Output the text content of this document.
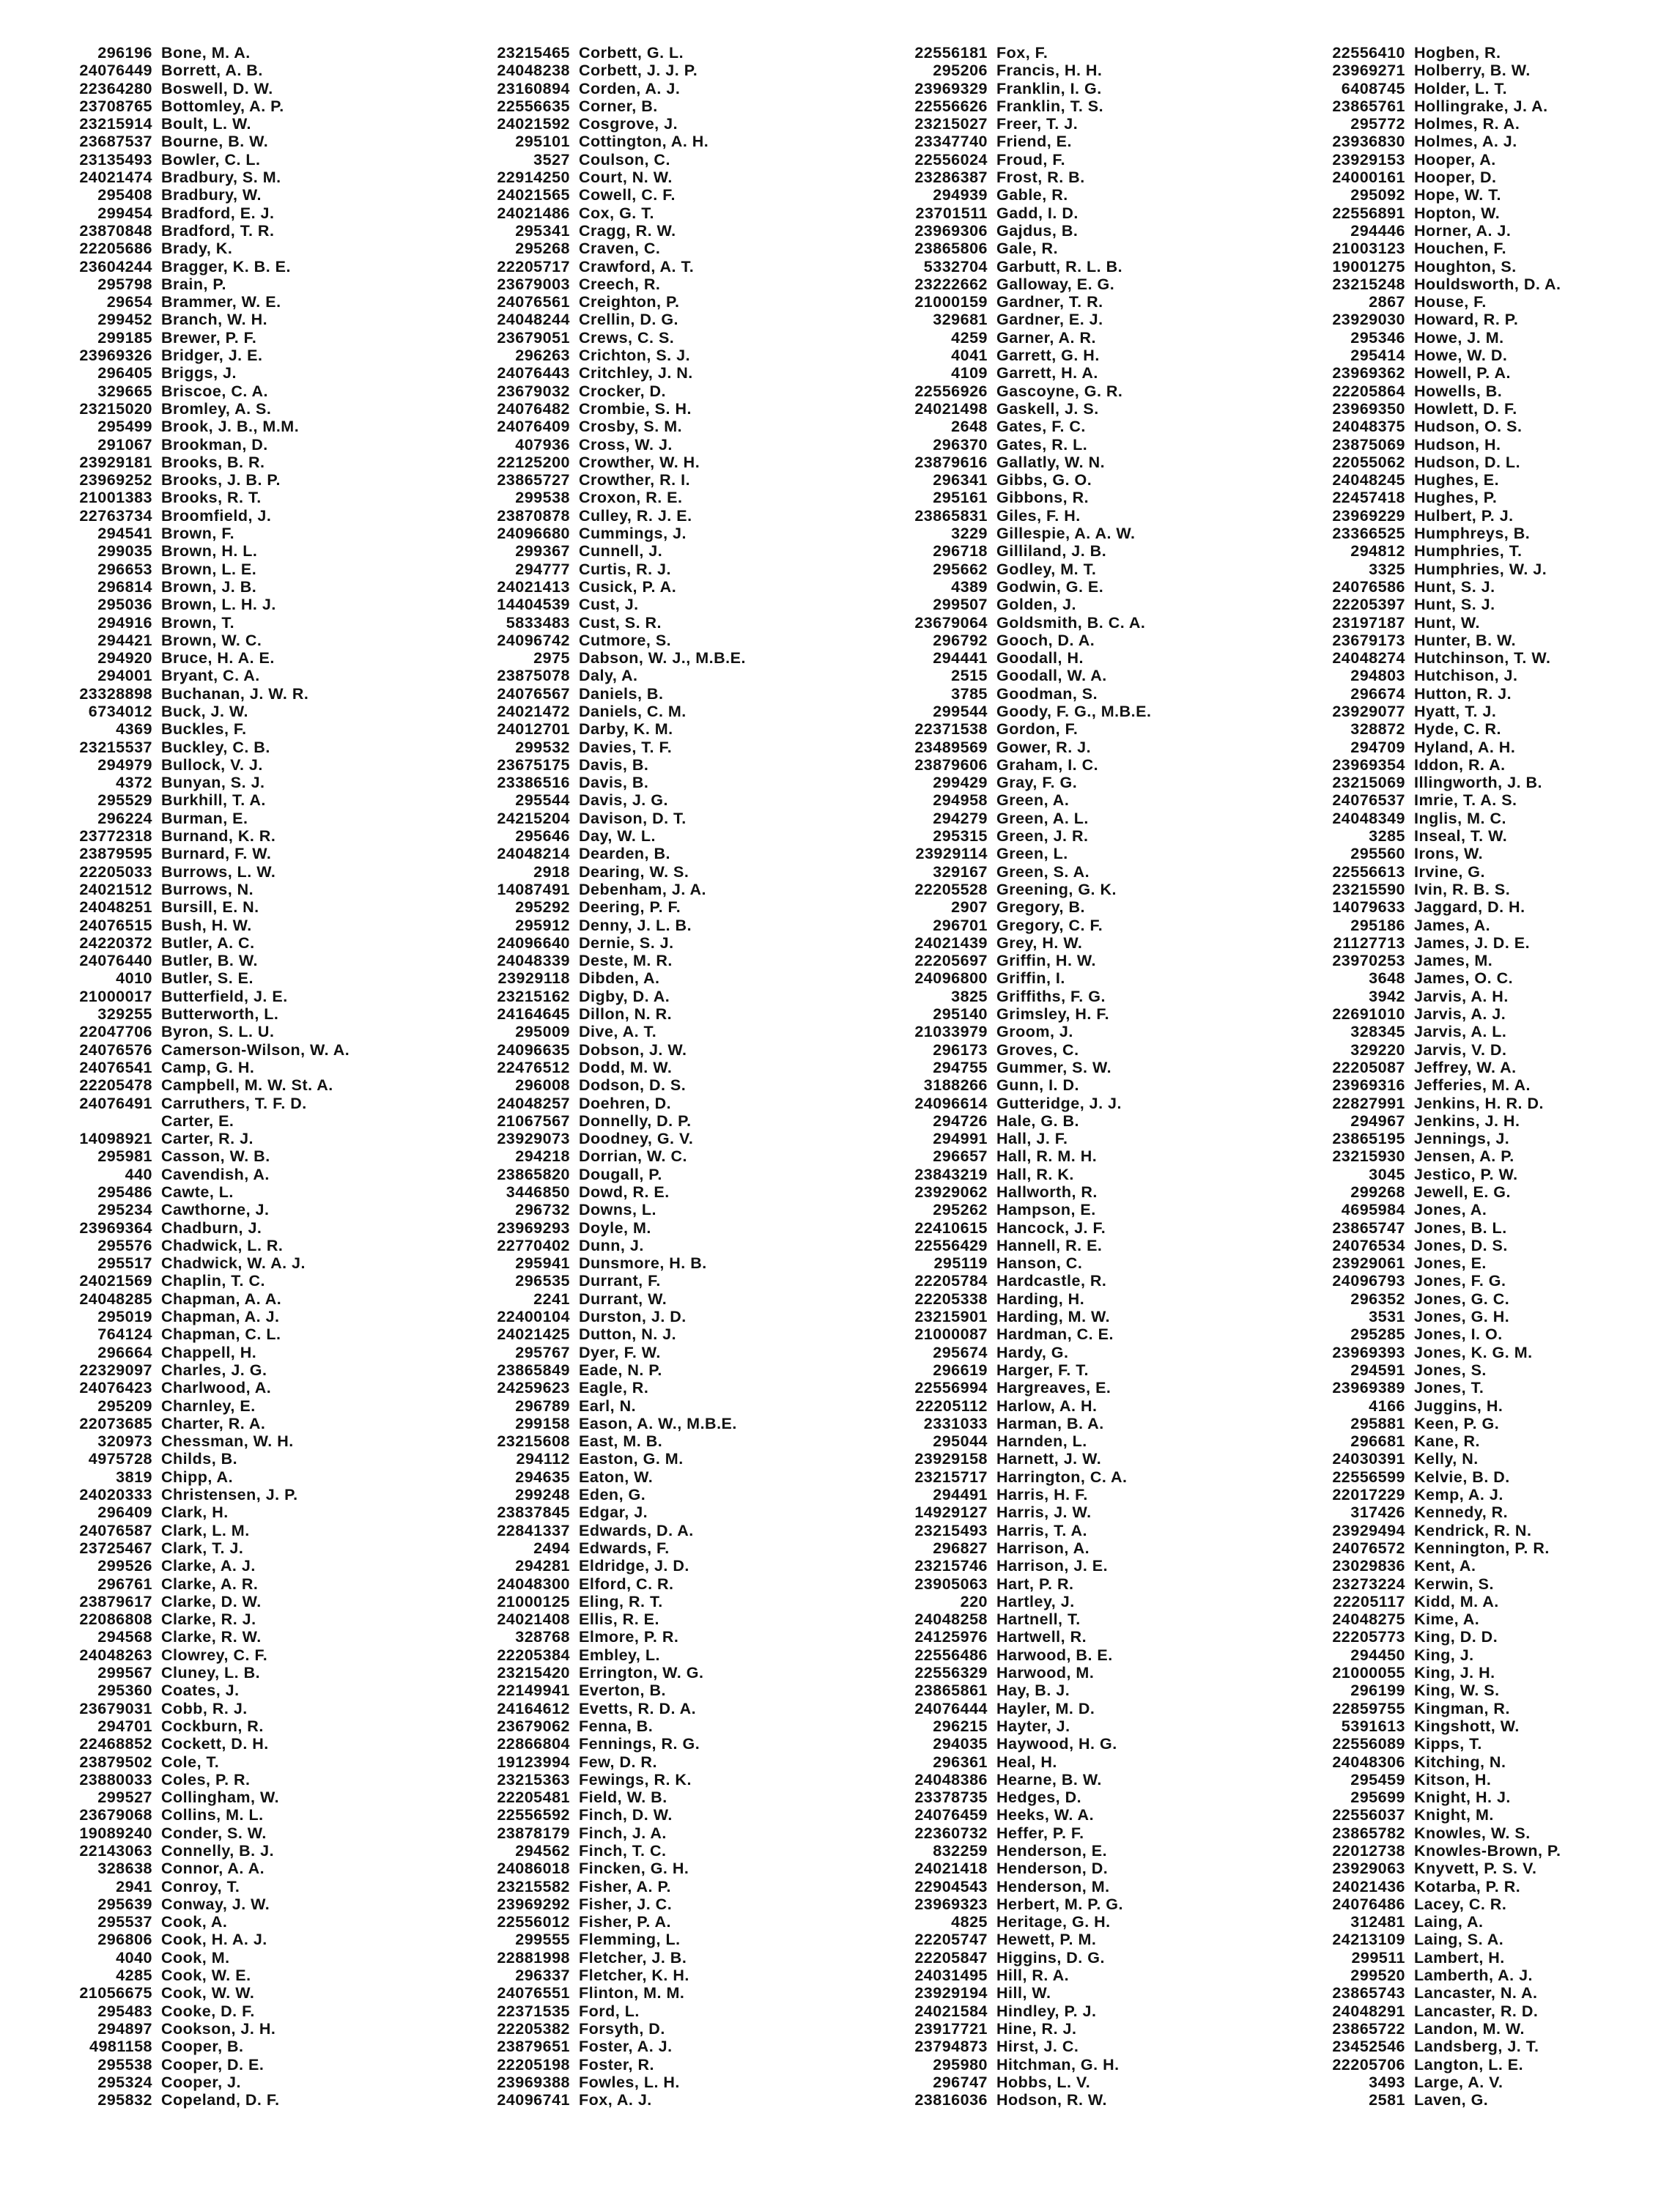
296196 Bone, M. A.
24076449 Borrett, A. B.
22364280 Boswell, D. W.
23708765 Bottomley, A. P.
23215914 Boult, L. W.
23687537 Bourne, B. W.
23135493 Bowler, C. L.
24021474 Bradbury, S. M.
295408 Bradbury, W.
299454 Bradford, E. J.
23870848 Bradford, T. R.
22205686 Brady, K.
23604244 Bragger, K. B. E.
295798 Brain, P.
29654 Brammer, W. E.
299452 Branch, W. H.
299185 Brewer, P. F.
23969326 Bridger, J. E.
296405 Briggs, J.
329665 Briscoe, C. A.
23215020 Bromley, A. S.
295499 Brook, J. B., M.M.
291067 Brookman, D.
23929181 Brooks, B. R.
23969252 Brooks, J. B. P.
21001383 Brooks, R. T.
22763734 Broomfield, J.
294541 Brown, F.
299035 Brown, H. L.
296653 Brown, L. E.
296814 Brown, J. B.
295036 Brown, L. H. J.
294916 Brown, T.
294421 Brown, W. C.
294920 Bruce, H. A. E.
294001 Bryant, C. A.
23328898 Buchanan, J. W. R.
6734012 Buck, J. W.
4369 Buckles, F.
23215537 Buckley, C. B.
294979 Bullock, V. J.
4372 Bunyan, S. J.
295529 Burkhill, T. A.
296224 Burman, E.
23772318 Burnand, K. R.
23879595 Burnard, F. W.
22205033 Burrows, L. W.
24021512 Burrows, N.
24048251 Bursill, E. N.
24076515 Bush, H. W.
24220372 Butler, A. C.
24076440 Butler, B. W.
4010 Butler, S. E.
21000017 Butterfield, J. E.
329255 Butterworth, L.
22047706 Byron, S. L. U.
24076576 Camerson-Wilson, W. A.
24076541 Camp, G. H.
22205478 Campbell, M. W. St. A.
24076491 Carruthers, T. F. D.
Carter, E.
14098921 Carter, R. J.
295981 Casson, W. B.
440 Cavendish, A.
295486 Cawte, L.
295234 Cawthorne, J.
23969364 Chadburn, J.
295576 Chadwick, L. R.
295517 Chadwick, W. A. J.
24021569 Chaplin, T. C.
24048285 Chapman, A. A.
295019 Chapman, A. J.
764124 Chapman, C. L.
296664 Chappell, H.
22329097 Charles, J. G.
24076423 Charlwood, A.
295209 Charnley, E.
22073685 Charter, R. A.
320973 Chessman, W. H.
4975728 Childs, B.
3819 Chipp, A.
24020333 Christensen, J. P.
296409 Clark, H.
24076587 Clark, L. M.
23725467 Clark, T. J.
299526 Clarke, A. J.
296761 Clarke, A. R.
23879617 Clarke, D. W.
22086808 Clarke, R. J.
294568 Clarke, R. W.
24048263 Clowrey, C. F.
299567 Cluney, L. B.
295360 Coates, J.
23679031 Cobb, R. J.
294701 Cockburn, R.
22468852 Cockett, D. H.
23879502 Cole, T.
23880033 Coles, P. R.
299527 Collingham, W.
23679068 Collins, M. L.
19089240 Conder, S. W.
22143063 Connelly, B. J.
328638 Connor, A. A.
2941 Conroy, T.
295639 Conway, J. W.
295537 Cook, A.
296806 Cook, H. A. J.
4040 Cook, M.
4285 Cook, W. E.
21056675 Cook, W. W.
295483 Cooke, D. F.
294897 Cookson, J. H.
4981158 Cooper, B.
295538 Cooper, D. E.
295324 Cooper, J.
295832 Copeland, D. F.
23215465 Corbett, G. L.
24048238 Corbett, J. J. P.
23160894 Corden, A. J.
22556635 Corner, B.
24021592 Cosgrove, J.
295101 Cottington, A. H.
3527 Coulson, C.
22914250 Court, N. W.
24021565 Cowell, C. F.
24021486 Cox, G. T.
295341 Cragg, R. W.
295268 Craven, C.
22205717 Crawford, A. T.
23679003 Creech, R.
24076561 Creighton, P.
24048244 Crellin, D. G.
23679051 Crews, C. S.
296263 Crichton, S. J.
24076443 Critchley, J. N.
23679032 Crocker, D.
24076482 Crombie, S. H.
24076409 Crosby, S. M.
407936 Cross, W. J.
22125200 Crowther, W. H.
23865727 Crowther, R. I.
299538 Croxon, R. E.
23870878 Culley, R. J. E.
24096680 Cummings, J.
299367 Cunnell, J.
294777 Curtis, R. J.
24021413 Cusick, P. A.
14404539 Cust, J.
5833483 Cust, S. R.
24096742 Cutmore, S.
2975 Dabson, W. J., M.B.E.
23875078 Daly, A.
24076567 Daniels, B.
24021472 Daniels, C. M.
24012701 Darby, K. M.
299532 Davies, T. F.
23675175 Davis, B.
23386516 Davis, B.
295544 Davis, J. G.
24215204 Davison, D. T.
295646 Day, W. L.
24048214 Dearden, B.
2918 Dearing, W. S.
14087491 Debenham, J. A.
295292 Deering, P. F.
295912 Denny, J. L. B.
24096640 Dernie, S. J.
24048339 Deste, M. R.
23929118 Dibden, A.
23215162 Digby, D. A.
24164645 Dillon, N. R.
295009 Dive, A. T.
24096635 Dobson, J. W.
22476512 Dodd, M. W.
296008 Dodson, D. S.
24048257 Doehren, D.
21067567 Donnelly, D. P.
23929073 Doodney, G. V.
294218 Dorrian, W. C.
23865820 Dougall, P.
3446850 Dowd, R. E.
296732 Downs, L.
23969293 Doyle, M.
22770402 Dunn, J.
295941 Dunsmore, H. B.
296535 Durrant, F.
2241 Durrant, W.
22400104 Durston, J. D.
24021425 Dutton, N. J.
295767 Dyer, F. W.
23865849 Eade, N. P.
24259623 Eagle, R.
296789 Earl, N.
299158 Eason, A. W., M.B.E.
23215608 East, M. B.
294112 Easton, G. M.
294635 Eaton, W.
299248 Eden, G.
23837845 Edgar, J.
22841337 Edwards, D. A.
2494 Edwards, F.
294281 Eldridge, J. D.
24048300 Elford, C. R.
21000125 Eling, R. T.
24021408 Ellis, R. E.
328768 Elmore, P. R.
22205384 Embley, L.
23215420 Errington, W. G.
22149941 Everton, B.
24164612 Evetts, R. D. A.
23679062 Fenna, B.
22866804 Fennings, R. G.
19123994 Few, D. R.
23215363 Fewings, R. K.
22205481 Field, W. B.
22556592 Finch, D. W.
23878179 Finch, J. A.
294562 Finch, T. C.
24086018 Fincken, G. H.
23215582 Fisher, A. P.
23969292 Fisher, J. C.
22556012 Fisher, P. A.
299555 Flemming, L.
22881998 Fletcher, J. B.
296337 Fletcher, K. H.
24076551 Flinton, M. M.
22371535 Ford, L.
22205382 Forsyth, D.
23879651 Foster, A. J.
22205198 Foster, R.
23969388 Fowles, L. H.
24096741 Fox, A. J.
22556181 Fox, F.
295206 Francis, H. H.
23969329 Franklin, I. G.
22556626 Franklin, T. S.
23215027 Freer, T. J.
23347740 Friend, E.
22556024 Froud, F.
23286387 Frost, R. B.
294939 Gable, R.
23701511 Gadd, I. D.
23969306 Gajdus, B.
23865806 Gale, R.
5332704 Garbutt, R. L. B.
23222662 Galloway, E. G.
21000159 Gardner, T. R.
329681 Gardner, E. J.
4259 Garner, A. R.
4041 Garrett, G. H.
4109 Garrett, H. A.
22556926 Gascoyne, G. R.
24021498 Gaskell, J. S.
2648 Gates, F. C.
296370 Gates, R. L.
23879616 Gallatly, W. N.
296341 Gibbs, G. O.
295161 Gibbons, R.
23865831 Giles, F. H.
3229 Gillespie, A. A. W.
296718 Gilliland, J. B.
295662 Godley, M. T.
4389 Godwin, G. E.
299507 Golden, J.
23679064 Goldsmith, B. C. A.
296792 Gooch, D. A.
294441 Goodall, H.
2515 Goodall, W. A.
3785 Goodman, S.
299544 Goody, F. G., M.B.E.
22371538 Gordon, F.
23489569 Gower, R. J.
23879606 Graham, I. C.
299429 Gray, F. G.
294958 Green, A.
294279 Green, A. L.
295315 Green, J. R.
23929114 Green, L.
329167 Green, S. A.
22205528 Greening, G. K.
2907 Gregory, B.
296701 Gregory, C. F.
24021439 Grey, H. W.
22205697 Griffin, H. W.
24096800 Griffin, I.
3825 Griffiths, F. G.
295140 Grimsley, H. F.
21033979 Groom, J.
296173 Groves, C.
294755 Gummer, S. W.
3188266 Gunn, I. D.
24096614 Gutteridge, J. J.
294726 Hale, G. B.
294991 Hall, J. F.
296657 Hall, R. M. H.
23843219 Hall, R. K.
23929062 Hallworth, R.
295262 Hampson, E.
22410615 Hancock, J. F.
22556429 Hannell, R. E.
295119 Hanson, C.
22205784 Hardcastle, R.
22205338 Harding, H.
23215901 Harding, M. W.
21000087 Hardman, C. E.
295674 Hardy, G.
296619 Harger, F. T.
22556994 Hargreaves, E.
22205112 Harlow, A. H.
2331033 Harman, B. A.
295044 Harnden, L.
23929158 Harnett, J. W.
23215717 Harrington, C. A.
294491 Harris, H. F.
14929127 Harris, J. W.
23215493 Harris, T. A.
296827 Harrison, A.
23215746 Harrison, J. E.
23905063 Hart, P. R.
220 Hartley, J.
24048258 Hartnell, T.
24125976 Hartwell, R.
22556486 Harwood, B. E.
22556329 Harwood, M.
23865861 Hay, B. J.
24076444 Hayler, M. D.
296215 Hayter, J.
294035 Haywood, H. G.
296361 Heal, H.
24048386 Hearne, B. W.
23378735 Hedges, D.
24076459 Heeks, W. A.
22360732 Heffer, P. F.
832259 Henderson, E.
24021418 Henderson, D.
22904543 Henderson, M.
23969323 Herbert, M. P. G.
4825 Heritage, G. H.
22205747 Hewett, P. M.
22205847 Higgins, D. G.
24031495 Hill, R. A.
23929194 Hill, W.
24021584 Hindley, P. J.
23917721 Hine, R. J.
23794873 Hirst, J. C.
295980 Hitchman, G. H.
296747 Hobbs, L. V.
23816036 Hodson, R. W.
22556410 Hogben, R.
23969271 Holberry, B. W.
6408745 Holder, L. T.
23865761 Hollingrake, J. A.
295772 Holmes, R. A.
23936830 Holmes, A. J.
23929153 Hooper, A.
24000161 Hooper, D.
295092 Hope, W. T.
22556891 Hopton, W.
294446 Horner, A. J.
21003123 Houchen, F.
19001275 Houghton, S.
23215248 Houldsworth, D. A.
2867 House, F.
23929030 Howard, R. P.
295346 Howe, J. M.
295414 Howe, W. D.
23969362 Howell, P. A.
22205864 Howells, B.
23969350 Howlett, D. F.
24048375 Hudson, O. S.
23875069 Hudson, H.
22055062 Hudson, D. L.
24048245 Hughes, E.
22457418 Hughes, P.
23969229 Hulbert, P. J.
23366525 Humphreys, B.
294812 Humphries, T.
3325 Humphries, W. J.
24076586 Hunt, S. J.
22205397 Hunt, S. J.
23197187 Hunt, W.
23679173 Hunter, B. W.
24048274 Hutchinson, T. W.
294803 Hutchison, J.
296674 Hutton, R. J.
23929077 Hyatt, T. J.
328872 Hyde, C. R.
294709 Hyland, A. H.
23969354 Iddon, R. A.
23215069 Illingworth, J. B.
24076537 Imrie, T. A. S.
24048349 Inglis, M. C.
3285 Inseal, T. W.
295560 Irons, W.
22556613 Irvine, G.
23215590 Ivin, R. B. S.
14079633 Jaggard, D. H.
295186 James, A.
21127713 James, J. D. E.
23970253 James, M.
3648 James, O. C.
3942 Jarvis, A. H.
22691010 Jarvis, A. J.
328345 Jarvis, A. L.
329220 Jarvis, V. D.
22205087 Jeffrey, W. A.
23969316 Jefferies, M. A.
22827991 Jenkins, H. R. D.
294967 Jenkins, J. H.
23865195 Jennings, J.
23215930 Jensen, A. P.
3045 Jestico, P. W.
299268 Jewell, E. G.
4695984 Jones, A.
23865747 Jones, B. L.
24076534 Jones, D. S.
23929061 Jones, E.
24096793 Jones, F. G.
296352 Jones, G. C.
3531 Jones, G. H.
295285 Jones, I. O.
23969393 Jones, K. G. M.
294591 Jones, S.
23969389 Jones, T.
4166 Juggins, H.
295881 Keen, P. G.
296681 Kane, R.
24030391 Kelly, N.
22556599 Kelvie, B. D.
22017229 Kemp, A. J.
317426 Kennedy, R.
23929494 Kendrick, R. N.
24076572 Kennington, P. R.
23029836 Kent, A.
23273224 Kerwin, S.
22205117 Kidd, M. A.
24048275 Kime, A.
22205773 King, D. D.
294450 King, J.
21000055 King, J. H.
296199 King, W. S.
22859755 Kingman, R.
5391613 Kingshott, W.
22556089 Kipps, T.
24048306 Kitching, N.
295459 Kitson, H.
295699 Knight, H. J.
22556037 Knight, M.
23865782 Knowles, W. S.
22012738 Knowles-Brown, P.
23929063 Knyvett, P. S. V.
24021436 Kotarba, P. R.
24076486 Lacey, C. R.
312481 Laing, A.
24213109 Laing, S. A.
299511 Lambert, H.
299520 Lamberth, A. J.
23865743 Lancaster, N. A.
24048291 Lancaster, R. D.
23865722 Landon, M. W.
23452546 Landsberg, J. T.
22205706 Langton, L. E.
3493 Large, A. V.
2581 Laven, G.
